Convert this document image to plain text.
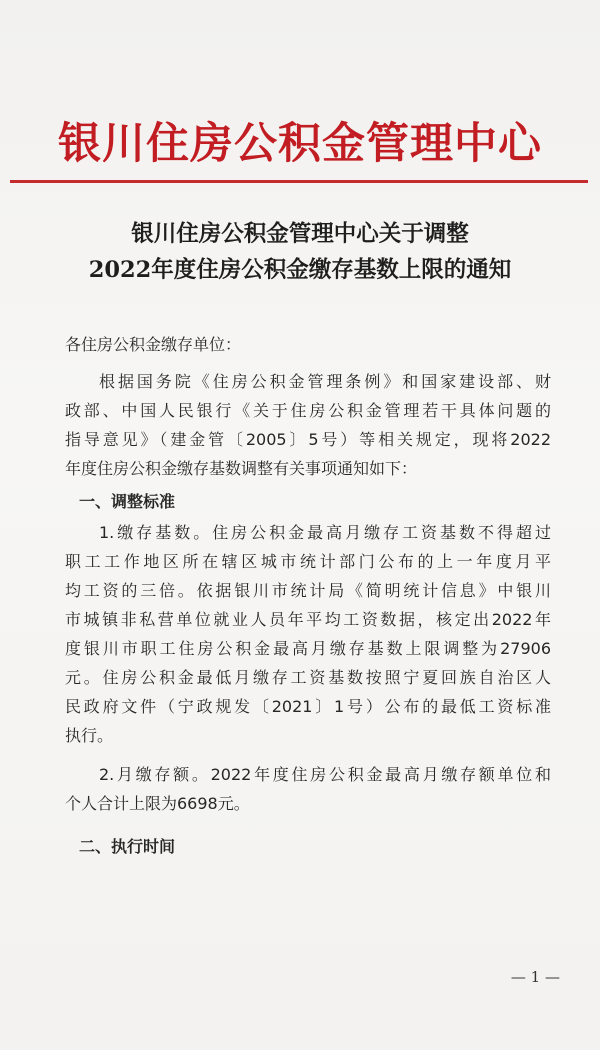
银川住房公积金管理中心
银川住房公积金管理中心关于调整
2022年度住房公积金缴存基数上限的通知
各住房公积金缴存单位：
根据国务院《住房公积金管理条例》和国家建设部、财
政部、中国人民银行《关于住房公积金管理若干具体问题的
指导意见》（建金管〔2005〕5号）等相关规定，现将2022
年度住房公积金缴存基数调整有关事项通知如下：
一、调整标准
1.缴存基数。住房公积金最高月缴存工资基数不得超过
职工工作地区所在辖区城市统计部门公布的上一年度月平
均工资的三倍。依据银川市统计局《简明统计信息》中银川
市城镇非私营单位就业人员年平均工资数据，核定出2022年
度银川市职工住房公积金最高月缴存基数上限调整为27906
元。住房公积金最低月缴存工资基数按照宁夏回族自治区人
民政府文件（宁政规发〔2021〕1号）公布的最低工资标准
执行。
2.月缴存额。2022年度住房公积金最高月缴存额单位和
个人合计上限为6698元。
二、执行时间
— 1 —
